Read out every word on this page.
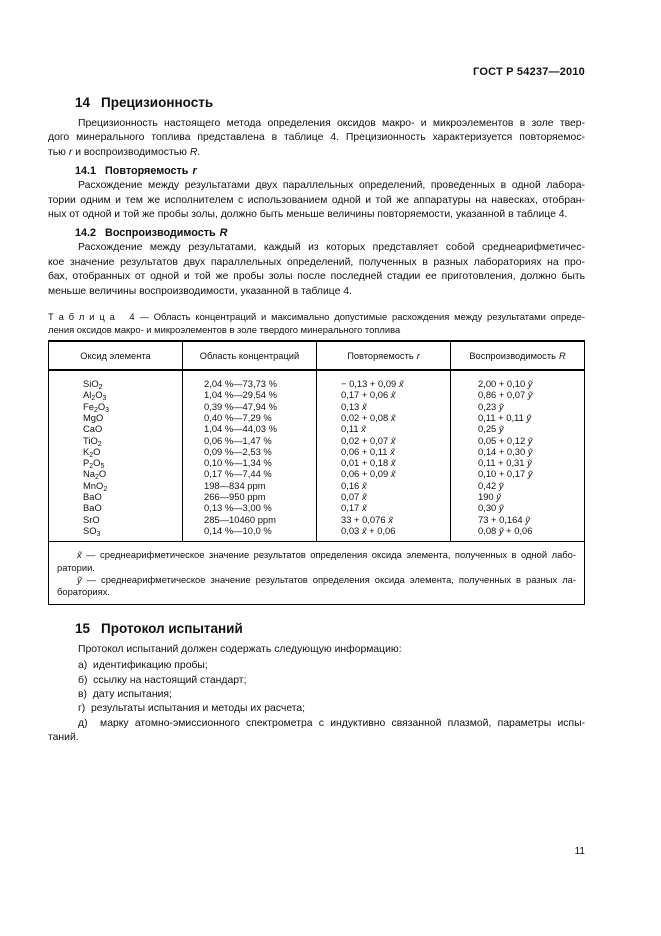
ГОСТ Р 54237—2010
14 Прецизионность
Прецизионность настоящего метода определения оксидов макро- и микроэлементов в золе твер-
дого минерального топлива представлена в таблице 4. Прецизионность характеризуется повторяемос-
тью r и воспроизводимостью R.
14.1 Повторяемость r
Расхождение между результатами двух параллельных определений, проведенных в одной лабора-
тории одним и тем же исполнителем с использованием одной и той же аппаратуры на навесках, отобран-
ных от одной и той же пробы золы, должно быть меньше величины повторяемости, указанной в таблице 4.
14.2 Воспроизводимость R
Расхождение между результатами, каждый из которых представляет собой среднеарифметичес-
кое значение результатов двух параллельных определений, полученных в разных лабораториях на про-
бах, отобранных от одной и той же пробы золы после последней стадии ее приготовления, должно быть
меньше величины воспроизводимости, указанной в таблице 4.
Т а б л и ц а   4 — Область концентраций и максимально допустимые расхождения между результатами опреде-
ления оксидов макро- и микроэлементов в золе твердого минерального топлива
Оксид элемента	Область концентраций	Повторяемость r	Воспроизводимость R
SiO$_2$	2,04 %—73,73 %	− 0,13 + 0,09 x̃	2,00 + 0,10 ỹ
$Al_2O_3$	1,04 %—29,54 %	0,17 + 0,06 x̃	0,86 + 0,07 ỹ
$Fe_2O_3$	0,39 %—47,94 %	0,13 x̃	0,23 ỹ
MgO	0,40 %—7,29 %	0,02 + 0,08 x̃	0,11 + 0,11 ỹ
CaO	1,04 %—44,03 %	0,11 x̃	0,25 ỹ
TiO$_2$	0,06 %—1,47 %	0,02 + 0,07 x̃	0,05 + 0,12 ỹ
$K_2O$	0,09 %—2,53 %	0,06 + 0,11 x̃	0,14 + 0,30 ỹ
$P_2O_5$	0,10 %—1,34 %	0,01 + 0,18 x̃	0,11 + 0,31 ỹ
$Na_2O$	0,17 %—7,44 %	0,06 + 0,09 x̃	0,10 + 0,17 ỹ
MnO$_2$	198—834 ppm	0,16 x̃	0,42 ỹ
BaO	266—950 ppm	0,07 x̃	190 ỹ
BaO	0,13 %—3,00 %	0,17 x̃	0,30 ỹ
SrO	285—10460 ppm	33 + 0,076 x̃	73 + 0,164 ỹ
$SO_3$	0,14 %—10,0 %	0,03 x̃ + 0,06	0,08 ỹ + 0,06

x̃ — среднеарифметическое значение результатов определения оксида элемента, полученных в одной лабо-
ратории.
ỹ — среднеарифметическое значение результатов определения оксида элемента, полученных в разных ла-
бораториях.			
15 Протокол испытаний
Протокол испытаний должен содержать следующую информацию:
а)  идентификацию пробы;
б)  ссылку на настоящий стандарт;
в)  дату испытания;
г)  результаты испытания и методы их расчета;
д)  марку атомно-эмиссионного спектрометра с индуктивно связанной плазмой, параметры испы-
таний.
11
